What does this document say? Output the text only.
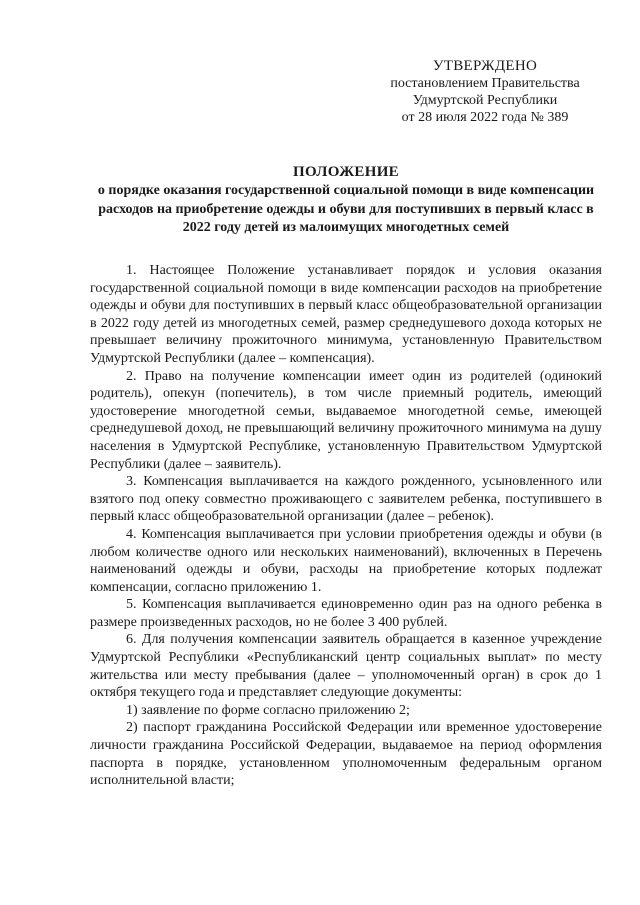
УТВЕРЖДЕНО
постановлением Правительства
Удмуртской Республики
от 28 июля 2022 года № 389
ПОЛОЖЕНИЕ
о порядке оказания государственной социальной помощи в виде компенсации расходов на приобретение одежды и обуви для поступивших в первый класс в 2022 году детей из малоимущих многодетных семей

1. Настоящее Положение устанавливает порядок и условия оказания государственной социальной помощи в виде компенсации расходов на приобретение одежды и обуви для поступивших в первый класс общеобразовательной организации в 2022 году детей из многодетных семей, размер среднедушевого дохода которых не превышает величину прожиточного минимума, установленную Правительством Удмуртской Республики (далее – компенсация).

2. Право на получение компенсации имеет один из родителей (одинокий родитель), опекун (попечитель), в том числе приемный родитель, имеющий удостоверение многодетной семьи, выдаваемое многодетной семье, имеющей среднедушевой доход, не превышающий величину прожиточного минимума на душу населения в Удмуртской Республике, установленную Правительством Удмуртской Республики (далее – заявитель).

3. Компенсация выплачивается на каждого рожденного, усыновленного или взятого под опеку совместно проживающего с заявителем ребенка, поступившего в первый класс общеобразовательной организации (далее – ребенок).

4. Компенсация выплачивается при условии приобретения одежды и обуви (в любом количестве одного или нескольких наименований), включенных в Перечень наименований одежды и обуви, расходы на приобретение которых подлежат компенсации, согласно приложению 1.

5. Компенсация выплачивается единовременно один раз на одного ребенка в размере произведенных расходов, но не более 3 400 рублей.

6. Для получения компенсации заявитель обращается в казенное учреждение Удмуртской Республики «Республиканский центр социальных выплат» по месту жительства или месту пребывания (далее – уполномоченный орган) в срок до 1 октября текущего года и представляет следующие документы:

1) заявление по форме согласно приложению 2;

2) паспорт гражданина Российской Федерации или временное удостоверение личности гражданина Российской Федерации, выдаваемое на период оформления паспорта в порядке, установленном уполномоченным федеральным органом исполнительной власти;
